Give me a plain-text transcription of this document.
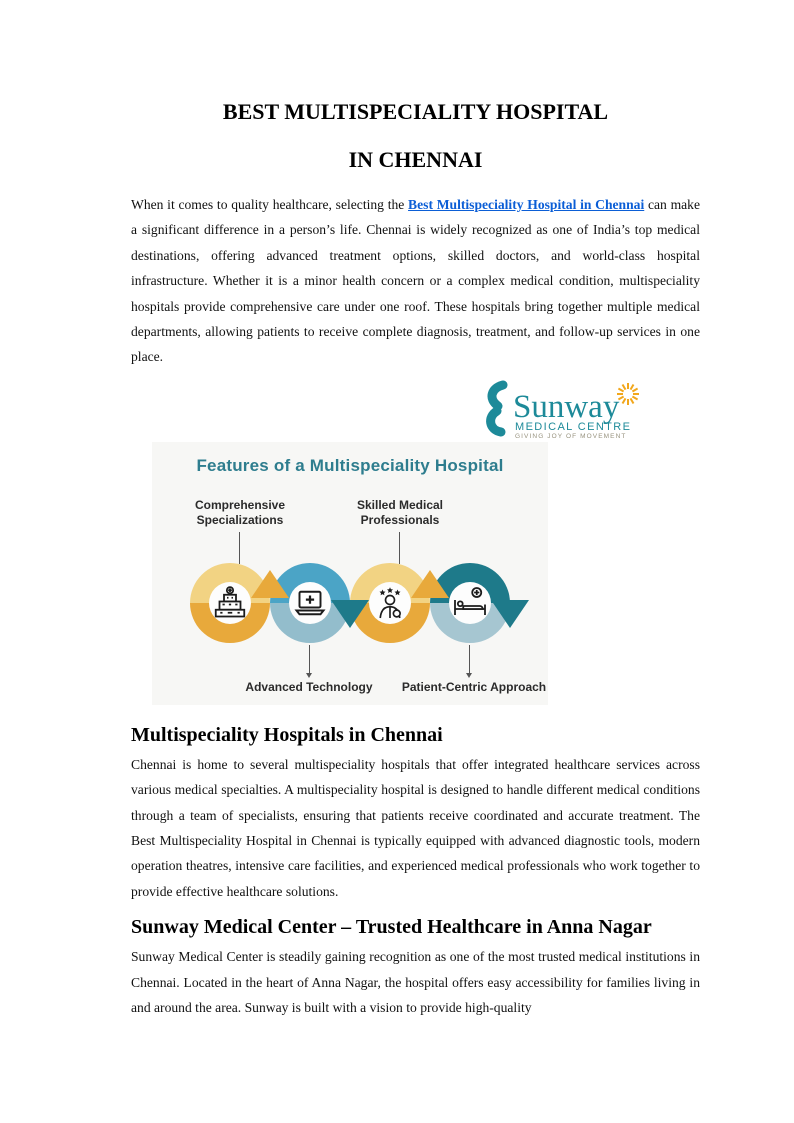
BEST MULTISPECIALITY HOSPITAL
IN CHENNAI

When it comes to quality healthcare, selecting the Best Multispeciality Hospital in Chennai can make a significant difference in a person’s life. Chennai is widely recognized as one of India’s top medical destinations, offering advanced treatment options, skilled doctors, and world-class hospital infrastructure. Whether it is a minor health concern or a complex medical condition, multispeciality hospitals provide comprehensive care under one roof. These hospitals bring together multiple medical departments, allowing patients to receive complete diagnosis, treatment, and follow-up services in one place.

Sunway
MEDICAL CENTRE
GIVING JOY OF MOVEMENT
Features of a Multispeciality Hospital
Comprehensive Specializations
Skilled Medical Professionals
Advanced Technology Patient-Centric Approach
Multispeciality Hospitals in Chennai

Chennai is home to several multispeciality hospitals that offer integrated healthcare services across various medical specialties. A multispeciality hospital is designed to handle different medical conditions through a team of specialists, ensuring that patients receive coordinated and accurate treatment. The Best Multispeciality Hospital in Chennai is typically equipped with advanced diagnostic tools, modern operation theatres, intensive care facilities, and experienced medical professionals who work together to provide effective healthcare solutions.

Sunway Medical Center – Trusted Healthcare in Anna Nagar

Sunway Medical Center is steadily gaining recognition as one of the most trusted medical institutions in Chennai. Located in the heart of Anna Nagar, the hospital offers easy accessibility for families living in and around the area. Sunway is built with a vision to provide high-quality
